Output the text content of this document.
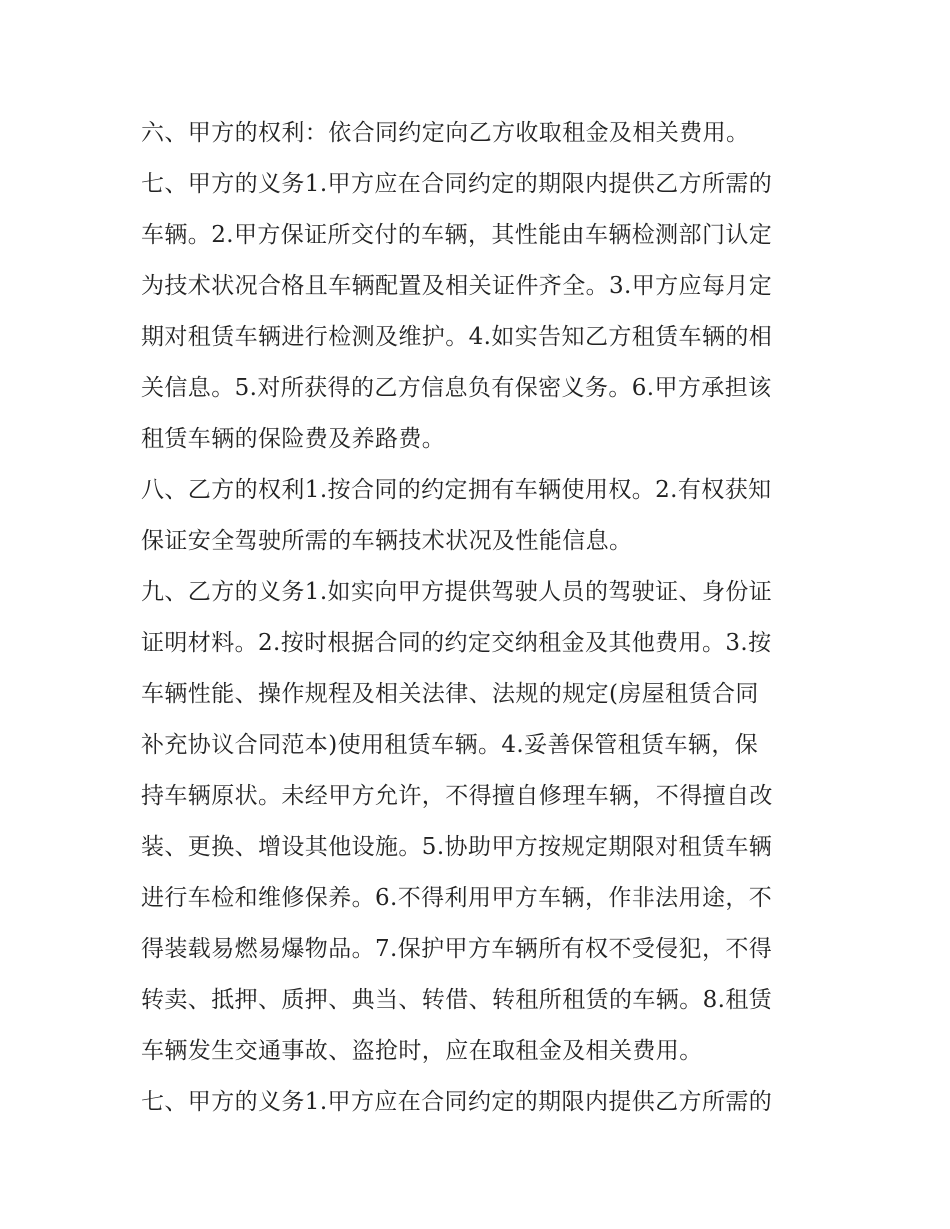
六、甲方的权利：依合同约定向乙方收取租金及相关费用。

七、甲方的义务1.甲方应在合同约定的期限内提供乙方所需的

车辆。2.甲方保证所交付的车辆，其性能由车辆检测部门认定

为技术状况合格且车辆配置及相关证件齐全。3.甲方应每月定

期对租赁车辆进行检测及维护。4.如实告知乙方租赁车辆的相

关信息。5.对所获得的乙方信息负有保密义务。6.甲方承担该

租赁车辆的保险费及养路费。

八、乙方的权利1.按合同的约定拥有车辆使用权。2.有权获知

保证安全驾驶所需的车辆技术状况及性能信息。

九、乙方的义务1.如实向甲方提供驾驶人员的驾驶证、身份证

证明材料。2.按时根据合同的约定交纳租金及其他费用。3.按

车辆性能、操作规程及相关法律、法规的规定(房屋租赁合同

补充协议合同范本)使用租赁车辆。4.妥善保管租赁车辆，保

持车辆原状。未经甲方允许，不得擅自修理车辆，不得擅自改

装、更换、增设其他设施。5.协助甲方按规定期限对租赁车辆

进行车检和维修保养。6.不得利用甲方车辆，作非法用途，不

得装载易燃易爆物品。7.保护甲方车辆所有权不受侵犯，不得

转卖、抵押、质押、典当、转借、转租所租赁的车辆。8.租赁

车辆发生交通事故、盗抢时，应在取租金及相关费用。

七、甲方的义务1.甲方应在合同约定的期限内提供乙方所需的
